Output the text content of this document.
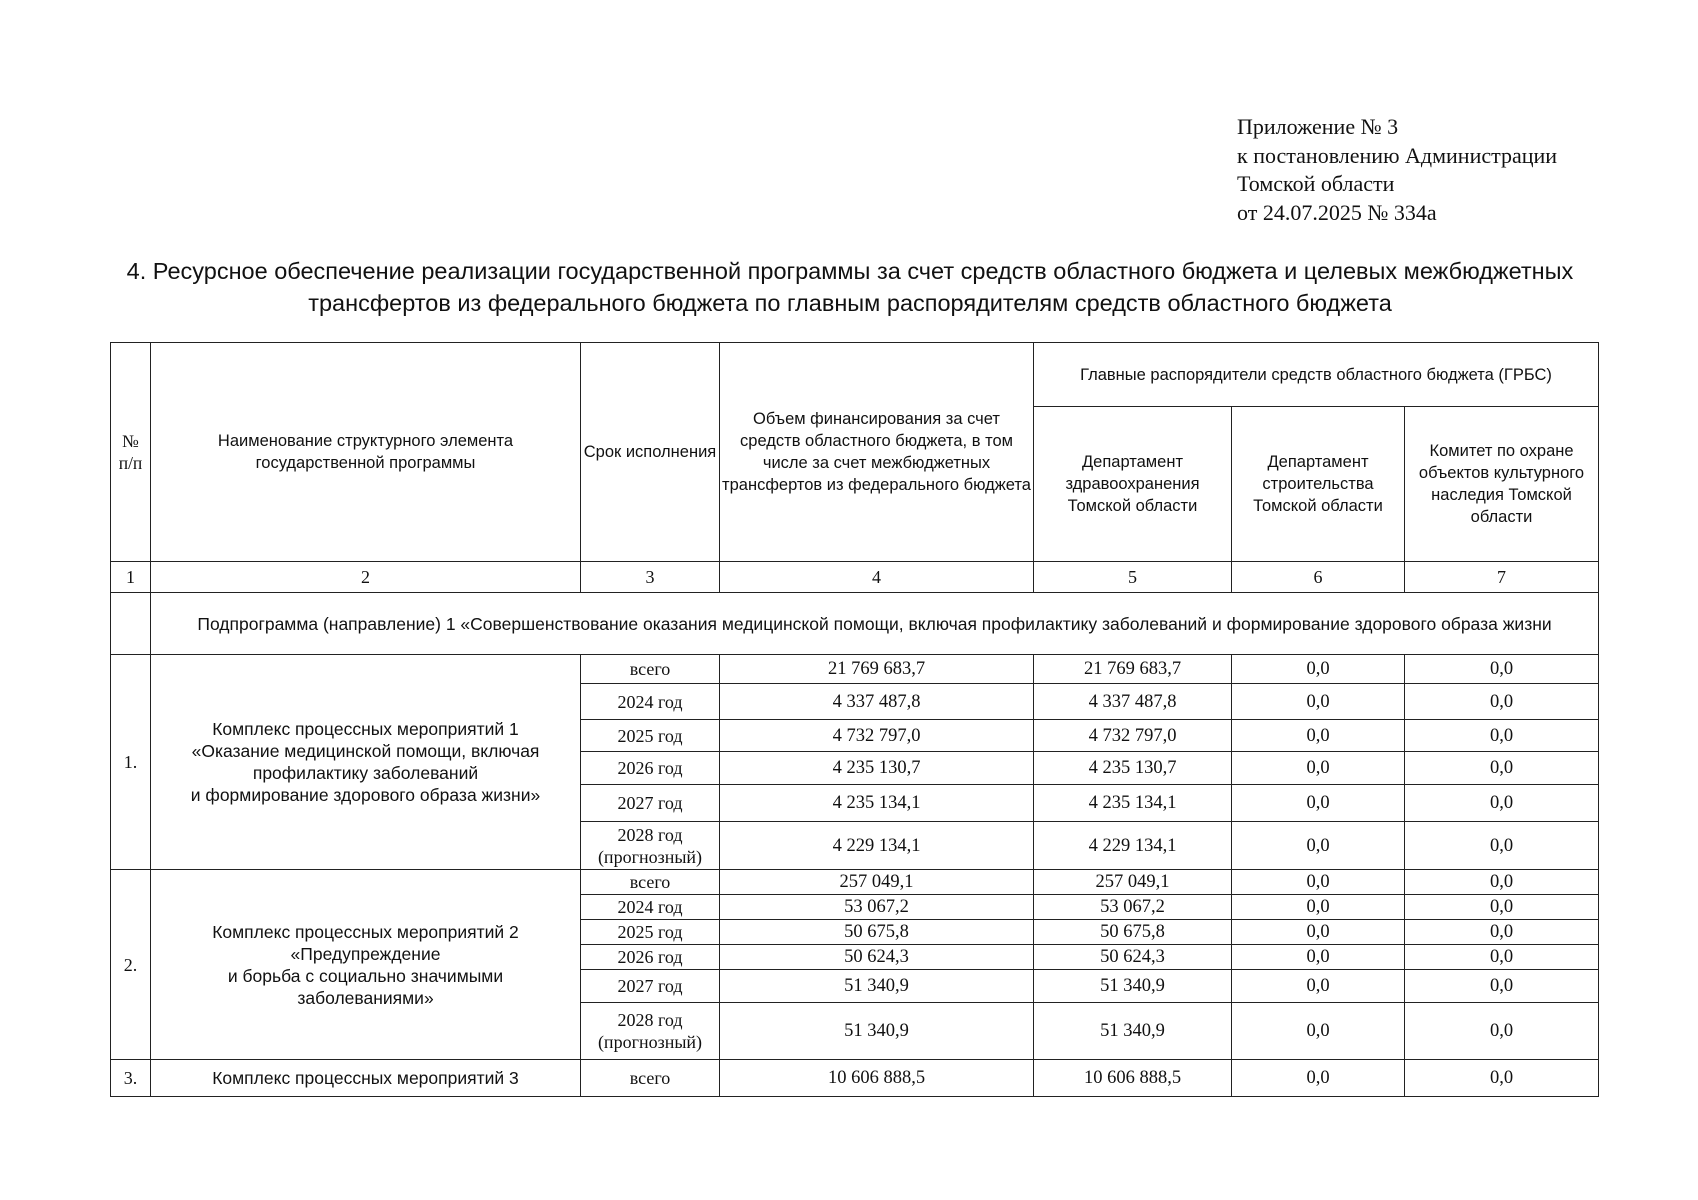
Приложение № 3
к постановлению Администрации
Томской области
от 24.07.2025 № 334а
4. Ресурсное обеспечение реализации государственной программы за счет средств областного бюджета и целевых межбюджетных
трансфертов из федерального бюджета по главным распорядителям средств областного бюджета
№ п/п	Наименование структурного элемента государственной программы	Срок исполнения	Объем финансирования за счет средств областного бюджета, в том числе за счет межбюджетных трансфертов из федерального бюджета	Главные распорядители средств областного бюджета (ГРБС)		
				Департамент здравоохранения Томской области	Департамент строительства Томской области	Комитет по охране объектов культурного наследия Томской области
1	2	3	4	5	6	7
	Подпрограмма (направление) 1 «Совершенствование оказания медицинской помощи, включая профилактику заболеваний и формирование здорового образа жизни					
1.	Комплекс процессных мероприятий 1
«Оказание медицинской помощи, включая
профилактику заболеваний
и формирование здорового образа жизни»	всего	21 769 683,7	21 769 683,7	0,0	0,0
		2024 год	4 337 487,8	4 337 487,8	0,0	0,0
		2025 год	4 732 797,0	4 732 797,0	0,0	0,0
		2026 год	4 235 130,7	4 235 130,7	0,0	0,0
		2027 год	4 235 134,1	4 235 134,1	0,0	0,0

		2028 год
(прогнозный)	4 229 134,1	4 229 134,1	0,0	0,0
2.	Комплекс процессных мероприятий 2
«Предупреждение
и борьба с социально значимыми
заболеваниями»	всего	257 049,1	257 049,1	0,0	0,0
		2024 год	53 067,2	53 067,2	0,0	0,0
		2025 год	50 675,8	50 675,8	0,0	0,0
		2026 год	50 624,3	50 624,3	0,0	0,0
		2027 год	51 340,9	51 340,9	0,0	0,0

		2028 год
(прогнозный)	51 340,9	51 340,9	0,0	0,0
3.	Комплекс процессных мероприятий 3	всего	10 606 888,5	10 606 888,5	0,0	0,0
